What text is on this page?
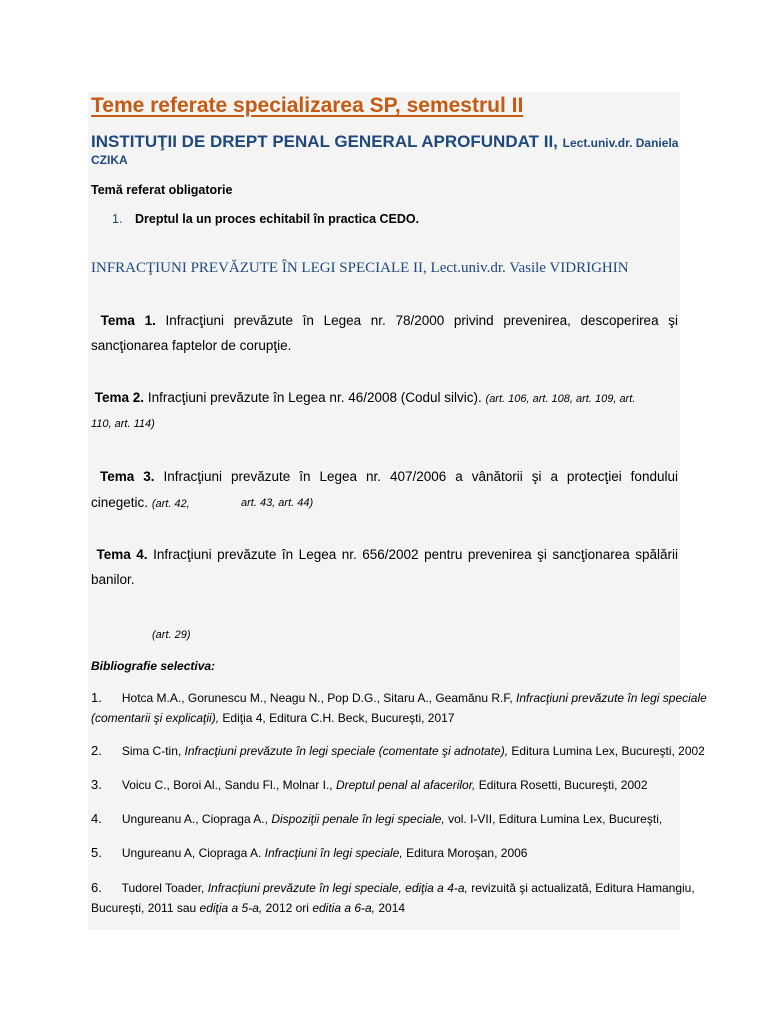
Teme referate specializarea SP, semestrul II
INSTITUŢII DE DREPT PENAL GENERAL APROFUNDAT II, Lect.univ.dr. Daniela
CZIKA
Temă referat obligatorie
1. Dreptul la un proces echitabil în practica CEDO.
INFRACŢIUNI PREVĂZUTE ÎN LEGI SPECIALE II, Lect.univ.dr. Vasile VIDRIGHIN
Tema 1. Infracţiuni prevăzute în Legea nr. 78/2000 privind prevenirea, descoperirea şi
sancţionarea faptelor de corupţie.
Tema 2. Infracţiuni prevăzute în Legea nr. 46/2008 (Codul silvic). (art. 106, art. 108, art. 109, art.
110, art. 114)
Tema 3. Infracţiuni prevăzute în Legea nr. 407/2006 a vânătorii şi a protecţiei fondului
cinegetic. (art. 42,	art. 43, art. 44)
Tema 4. Infracţiuni prevăzute în Legea nr. 656/2002 pentru prevenirea şi sancţionarea spălării
banilor.
(art. 29)
Bibliografie selectiva:
1. Hotca M.A., Gorunescu M., Neagu N., Pop D.G., Sitaru A., Geamănu R.F, Infracţiuni prevăzute în legi speciale
(comentarii şi explicaţii), Ediţia 4, Editura C.H. Beck, Bucureşti, 2017
2. Sima C-tin, Infracţiuni prevăzute în legi speciale (comentate şi adnotate), Editura Lumina Lex, Bucureşti, 2002
3. Voicu C., Boroi Al., Sandu Fl., Molnar I., Dreptul penal al afacerilor, Editura Rosetti, Bucureşti, 2002
4. Ungureanu A., Ciopraga A., Dispoziţii penale în legi speciale, vol. I-VII, Editura Lumina Lex, Bucureşti,
5. Ungureanu A, Ciopraga A. Infracţiuni în legi speciale, Editura Moroşan, 2006
6. Tudorel Toader, Infracţiuni prevăzute în legi speciale, ediţia a 4-a, revizuită şi actualizată, Editura Hamangiu,
Bucureşti, 2011 sau ediţia a 5-a, 2012 ori editia a 6-a, 2014
